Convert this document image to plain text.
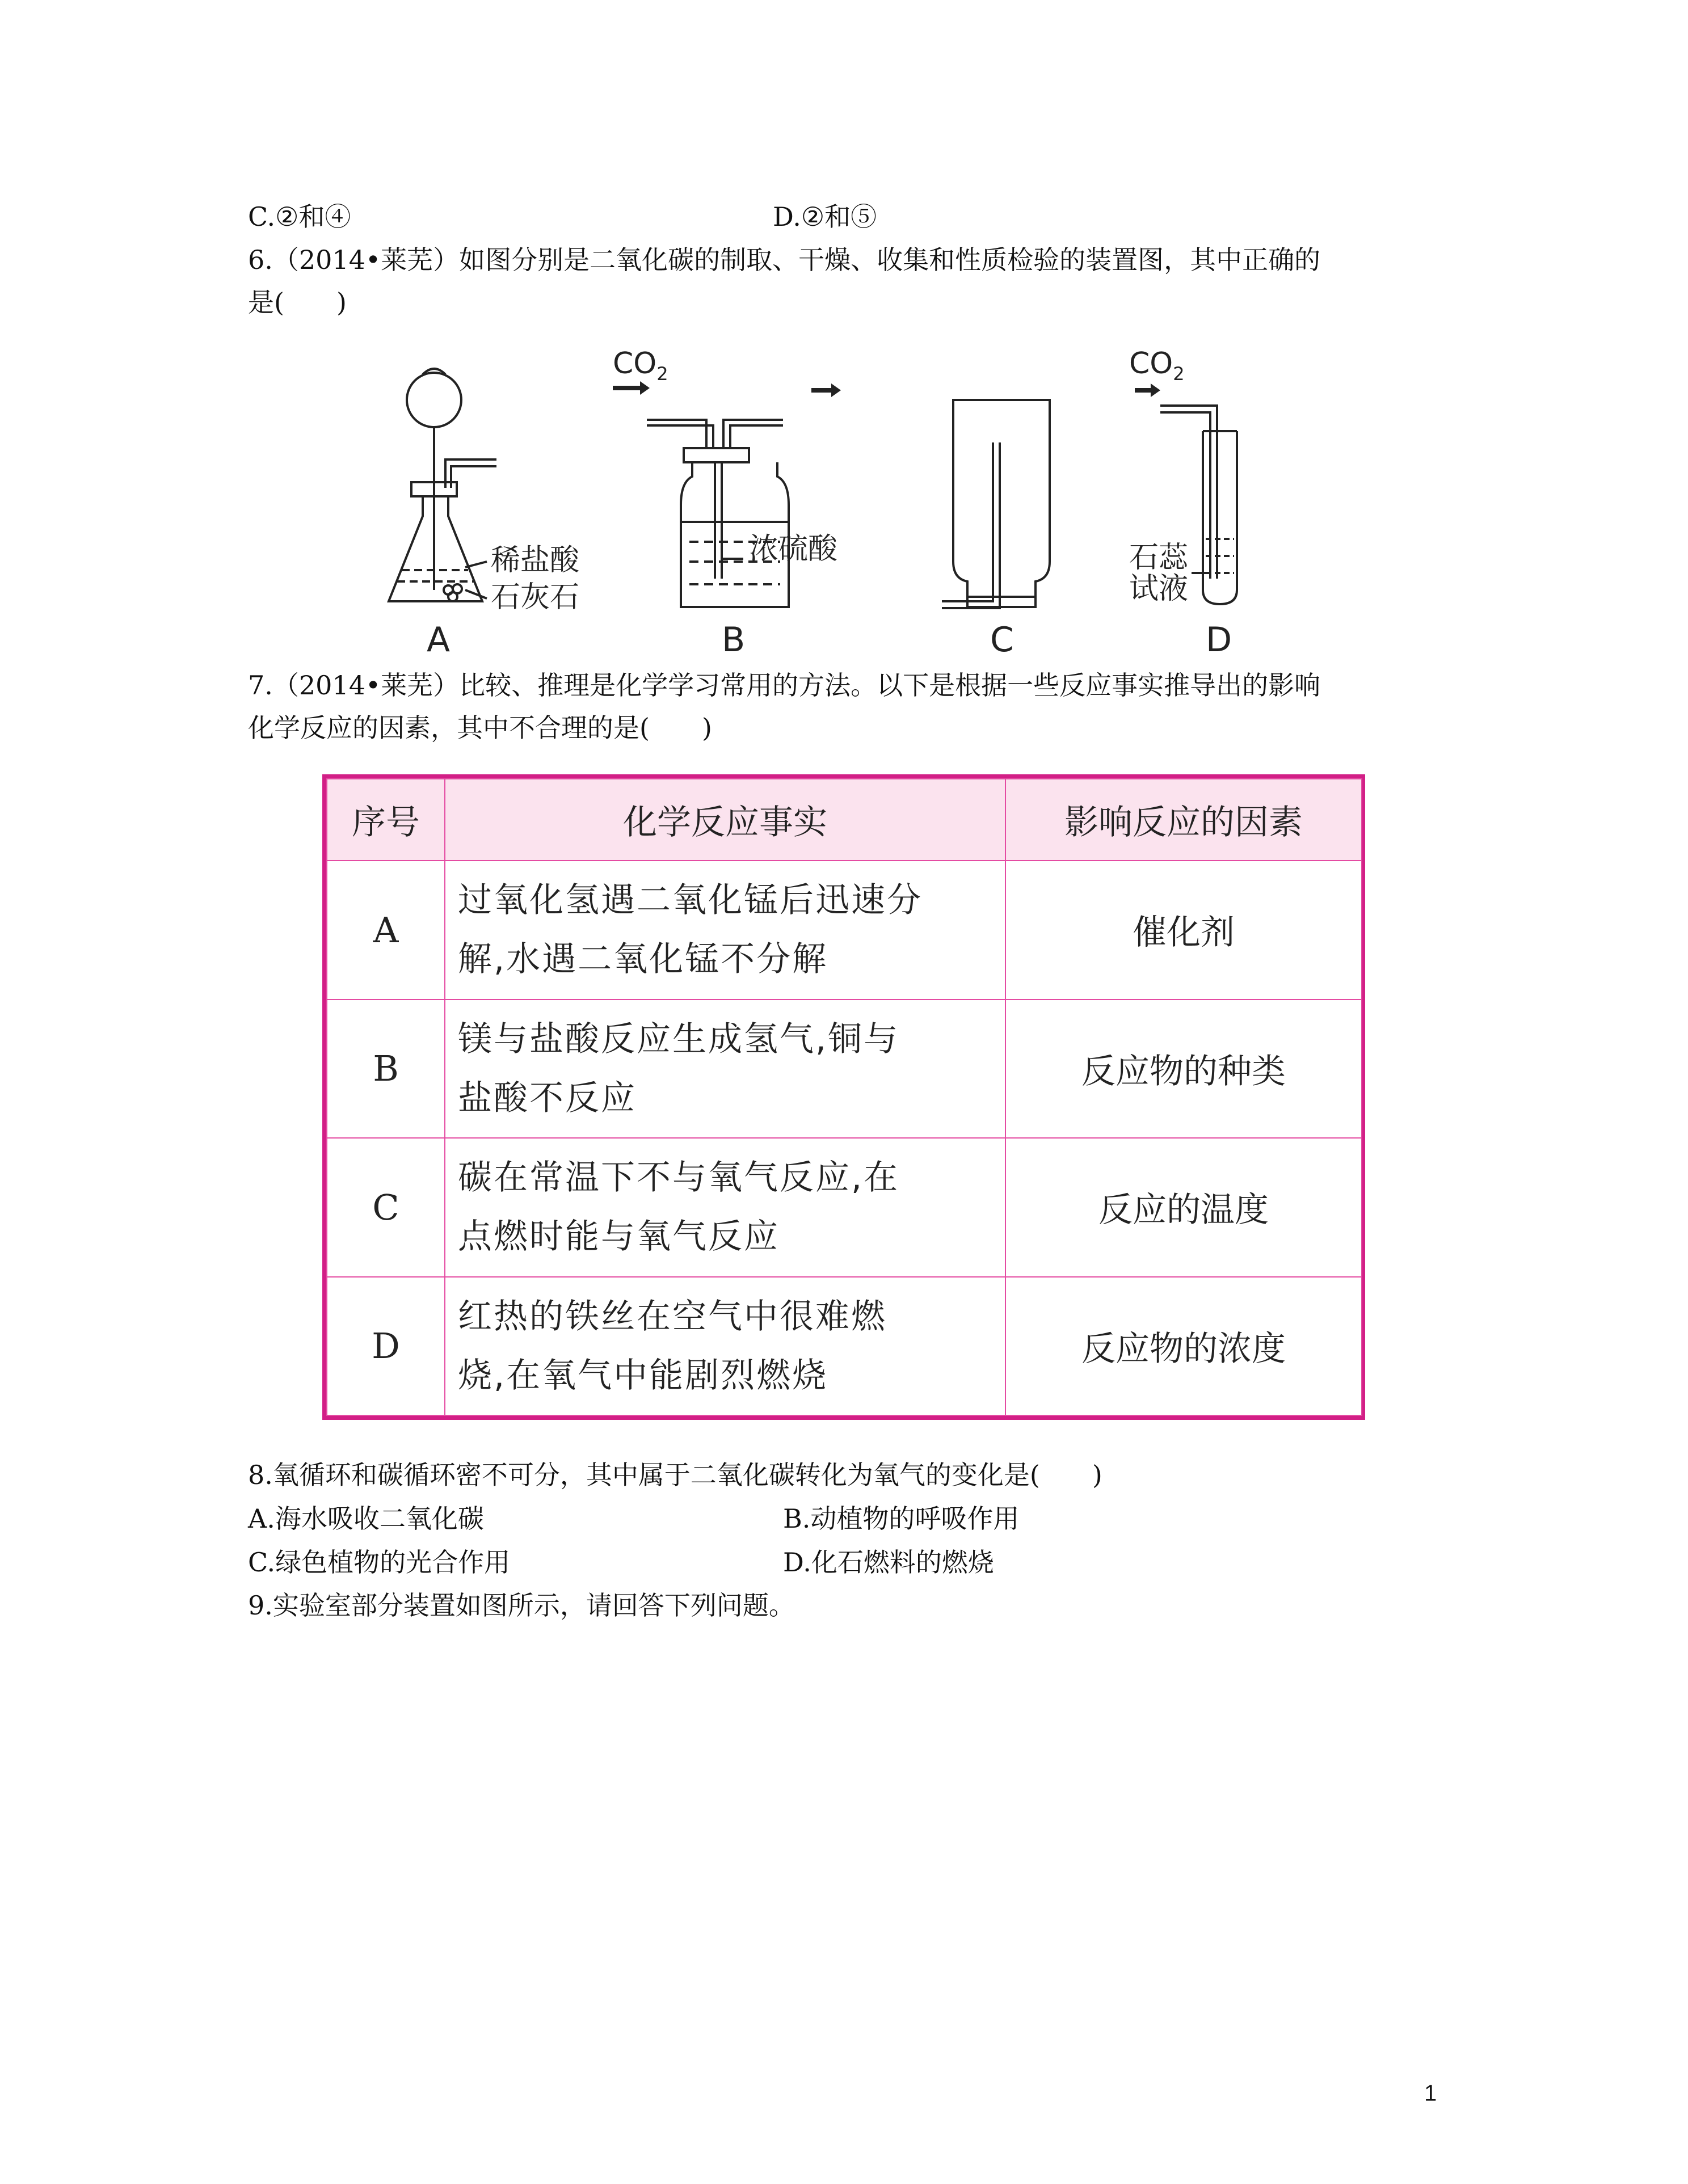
C.②和④	D.②和⑤
6.（2014•莱芜）如图分别是二氧化碳的制取、干燥、收集和性质检验的装置图，其中正确的
是(　　)
稀盐酸
石灰石
A
$CO_2$
浓硫酸
B	C
$CO_2$
石蕊
试液
D
7.（2014•莱芜）比较、推理是化学学习常用的方法。以下是根据一些反应事实推导出的影响
化学反应的因素，其中不合理的是(　　)
序号	化学反应事实	影响反应的因素
A	过氧化氢遇二氧化锰后迅速分
解,水遇二氧化锰不分解	催化剂
B	镁与盐酸反应生成氢气,铜与
盐酸不反应	反应物的种类
C	碳在常温下不与氧气反应,在
点燃时能与氧气反应	反应的温度
D	红热的铁丝在空气中很难燃
烧,在氧气中能剧烈燃烧	反应物的浓度
8.氧循环和碳循环密不可分，其中属于二氧化碳转化为氧气的变化是(　　)
A.海水吸收二氧化碳	B.动植物的呼吸作用
C.绿色植物的光合作用	D.化石燃料的燃烧
9.实验室部分装置如图所示，请回答下列问题。
1
